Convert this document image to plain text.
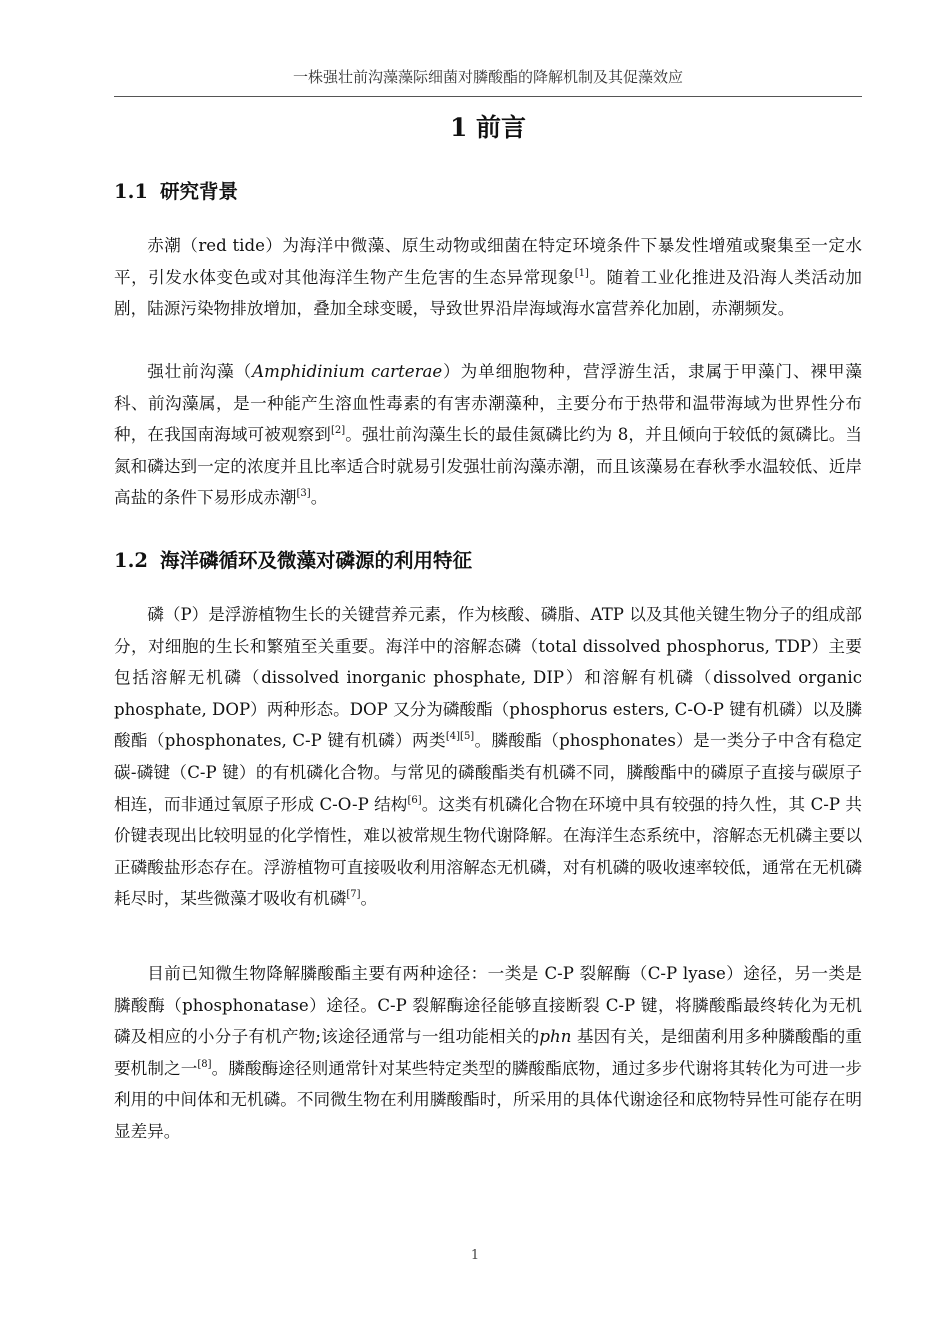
一株强壮前沟藻藻际细菌对膦酸酯的降解机制及其促藻效应
1 前言
1.1 研究背景

赤潮（red tide）为海洋中微藻、原生动物或细菌在特定环境条件下暴发性增殖或聚集至一定水平，引发水体变色或对其他海洋生物产生危害的生态异常现象[1]。随着工业化推进及沿海人类活动加剧，陆源污染物排放增加，叠加全球变暖，导致世界沿岸海域海水富营养化加剧，赤潮频发。

强壮前沟藻（Amphidinium carterae）为单细胞物种，营浮游生活，隶属于甲藻门、裸甲藻科、前沟藻属，是一种能产生溶血性毒素的有害赤潮藻种，主要分布于热带和温带海域为世界性分布种，在我国南海域可被观察到[2]。强壮前沟藻生长的最佳氮磷比约为 8，并且倾向于较低的氮磷比。当氮和磷达到一定的浓度并且比率适合时就易引发强壮前沟藻赤潮，而且该藻易在春秋季水温较低、近岸高盐的条件下易形成赤潮[3]。

1.2 海洋磷循环及微藻对磷源的利用特征

磷（P）是浮游植物生长的关键营养元素，作为核酸、磷脂、ATP 以及其他关键生物分子的组成部分，对细胞的生长和繁殖至关重要。海洋中的溶解态磷（total dissolved phosphorus, TDP）主要包括溶解无机磷（dissolved inorganic phosphate, DIP）和溶解有机磷（dissolved organic phosphate, DOP）两种形态。DOP 又分为磷酸酯（phosphorus esters, C-O-P 键有机磷）以及膦酸酯（phosphonates, C-P 键有机磷）两类[4][5]。膦酸酯（phosphonates）是一类分子中含有稳定碳-磷键（C-P 键）的有机磷化合物。与常见的磷酸酯类有机磷不同，膦酸酯中的磷原子直接与碳原子相连，而非通过氧原子形成 C-O-P 结构[6]。这类有机磷化合物在环境中具有较强的持久性，其 C-P 共价键表现出比较明显的化学惰性，难以被常规生物代谢降解。在海洋生态系统中，溶解态无机磷主要以正磷酸盐形态存在。浮游植物可直接吸收利用溶解态无机磷，对有机磷的吸收速率较低，通常在无机磷耗尽时，某些微藻才吸收有机磷[7]。

目前已知微生物降解膦酸酯主要有两种途径：一类是 C-P 裂解酶（C-P lyase）途径，另一类是膦酸酶（phosphonatase）途径。C-P 裂解酶途径能够直接断裂 C-P 键，将膦酸酯最终转化为无机磷及相应的小分子有机产物;该途径通常与一组功能相关的phn 基因有关，是细菌利用多种膦酸酯的重要机制之一[8]。膦酸酶途径则通常针对某些特定类型的膦酸酯底物，通过多步代谢将其转化为可进一步利用的中间体和无机磷。不同微生物在利用膦酸酯时，所采用的具体代谢途径和底物特异性可能存在明显差异。

1
